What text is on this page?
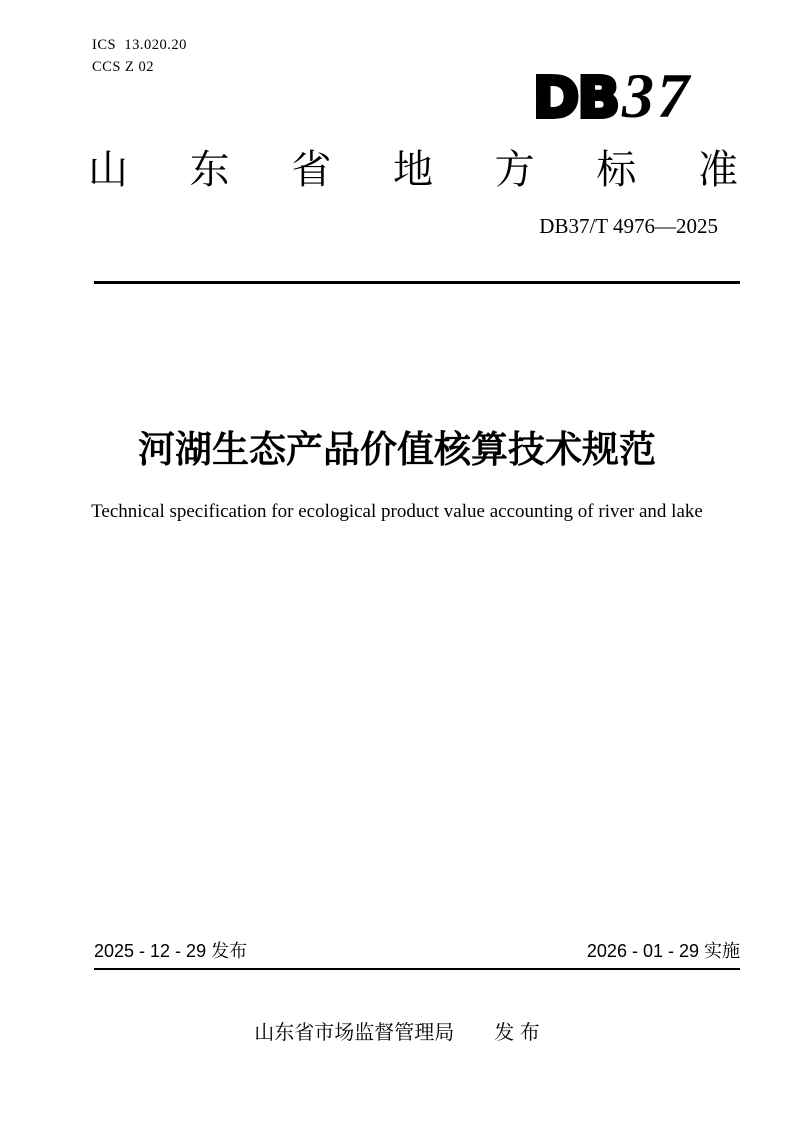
ICS  13.020.20
CCS Z 02	DB37
山 东 省 地 方 标 准
DB37/T 4976—2025
河湖生态产品价值核算技术规范
Technical specification for ecological product value accounting of river and lake
2025 - 12 - 29 发布	2026 - 01 - 29 实施
山东省市场监督管理局　　发 布
